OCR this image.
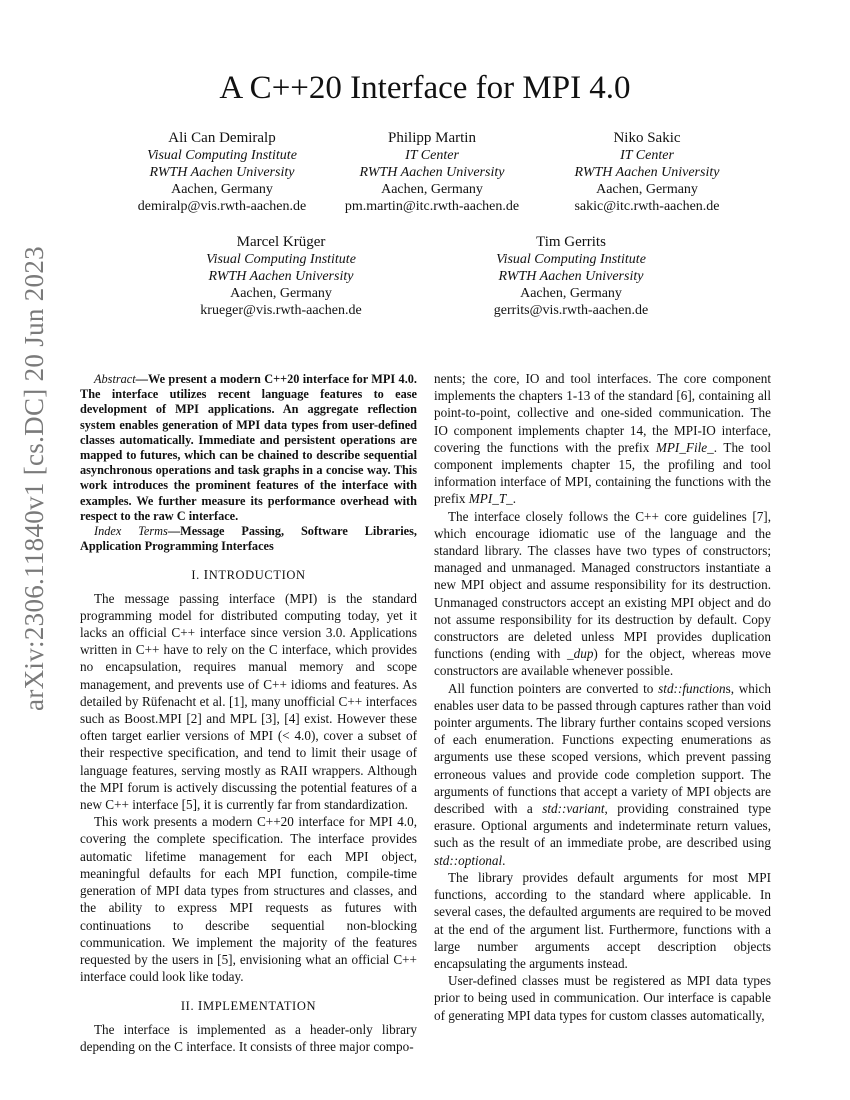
arXiv:2306.11840v1 [cs.DC] 20 Jun 2023
A C++20 Interface for MPI 4.0
Ali Can Demiralp
Visual Computing Institute
RWTH Aachen University
Aachen, Germany
demiralp@vis.rwth-aachen.de
Philipp Martin
IT Center
RWTH Aachen University
Aachen, Germany
pm.martin@itc.rwth-aachen.de
Niko Sakic
IT Center
RWTH Aachen University
Aachen, Germany
sakic@itc.rwth-aachen.de
Marcel Krüger
Visual Computing Institute
RWTH Aachen University
Aachen, Germany
krueger@vis.rwth-aachen.de
Tim Gerrits
Visual Computing Institute
RWTH Aachen University
Aachen, Germany
gerrits@vis.rwth-aachen.de

Abstract—We present a modern C++20 interface for MPI 4.0. The interface utilizes recent language features to ease development of MPI applications. An aggregate reflection system enables generation of MPI data types from user-defined classes automatically. Immediate and persistent operations are mapped to futures, which can be chained to describe sequential asynchronous operations and task graphs in a concise way. This work introduces the prominent features of the interface with examples. We further measure its performance overhead with respect to the raw C interface.

Index Terms—Message Passing, Software Libraries, Application Programming Interfaces

I. INTRODUCTION

The message passing interface (MPI) is the standard programming model for distributed computing today, yet it lacks an official C++ interface since version 3.0. Applications written in C++ have to rely on the C interface, which provides no encapsulation, requires manual memory and scope management, and prevents use of C++ idioms and features. As detailed by Rüfenacht et al. [1], many unofficial C++ interfaces such as Boost.MPI [2] and MPL [3], [4] exist. However these often target earlier versions of MPI (< 4.0), cover a subset of their respective specification, and tend to limit their usage of language features, serving mostly as RAII wrappers. Although the MPI forum is actively discussing the potential features of a new C++ interface [5], it is currently far from standardization.

This work presents a modern C++20 interface for MPI 4.0, covering the complete specification. The interface provides automatic lifetime management for each MPI object, meaningful defaults for each MPI function, compile-time generation of MPI data types from structures and classes, and the ability to express MPI requests as futures with continuations to describe sequential non-blocking communication. We implement the majority of the features requested by the users in [5], envisioning what an official C++ interface could look like today.

II. IMPLEMENTATION

The interface is implemented as a header-only library depending on the C interface. It consists of three major compo-

nents; the core, IO and tool interfaces. The core component implements the chapters 1-13 of the standard [6], containing all point-to-point, collective and one-sided communication. The IO component implements chapter 14, the MPI-IO interface, covering the functions with the prefix MPI_File_. The tool component implements chapter 15, the profiling and tool information interface of MPI, containing the functions with the prefix MPI_T_.

The interface closely follows the C++ core guidelines [7], which encourage idiomatic use of the language and the standard library. The classes have two types of constructors; managed and unmanaged. Managed constructors instantiate a new MPI object and assume responsibility for its destruction. Unmanaged constructors accept an existing MPI object and do not assume responsibility for its destruction by default. Copy constructors are deleted unless MPI provides duplication functions (ending with _dup) for the object, whereas move constructors are available whenever possible.

All function pointers are converted to std::functions, which enables user data to be passed through captures rather than void pointer arguments. The library further contains scoped versions of each enumeration. Functions expecting enumerations as arguments use these scoped versions, which prevent passing erroneous values and provide code completion support. The arguments of functions that accept a variety of MPI objects are described with a std::variant, providing constrained type erasure. Optional arguments and indeterminate return values, such as the result of an immediate probe, are described using std::optional.

The library provides default arguments for most MPI functions, according to the standard where applicable. In several cases, the defaulted arguments are required to be moved at the end of the argument list. Furthermore, functions with a large number arguments accept description objects encapsulating the arguments instead.

User-defined classes must be registered as MPI data types prior to being used in communication. Our interface is capable of generating MPI data types for custom classes automatically,
